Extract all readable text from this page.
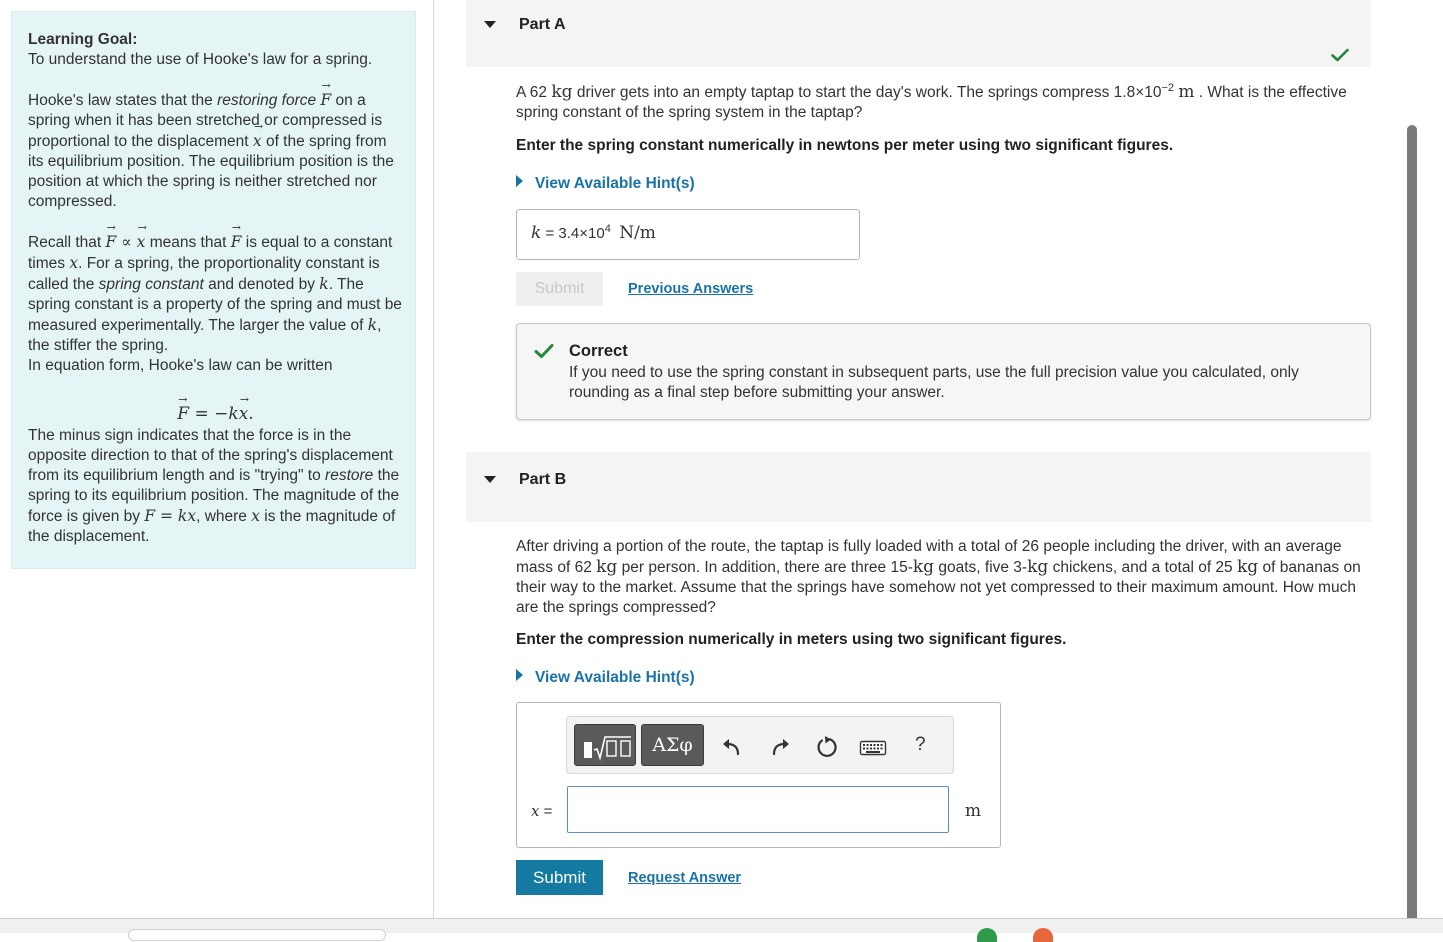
Learning Goal:

To understand the use of Hooke's law for a spring.

Hooke's law states that the restoring force → F on a spring when it has been stretched or compressed is proportional to the displacement → x of the spring from its equilibrium position. The equilibrium position is the position at which the spring is neither stretched nor compressed.

Recall that → F ∝ → x means that → F is equal to a constant times x. For a spring, the proportionality constant is called the spring constant and denoted by k. The spring constant is a property of the spring and must be measured experimentally. The larger the value of k, the stiffer the spring.
In equation form, Hooke's law can be written

→ F = −k→ x.

The minus sign indicates that the force is in the opposite direction to that of the spring's displacement from its equilibrium length and is "trying" to restore the spring to its equilibrium position. The magnitude of the force is given by F = kx, where x is the magnitude of the displacement.

Part A

A 62 kg driver gets into an empty taptap to start the day's work. The springs compress $1.8\times 10^{-2}$ m . What is the effective spring constant of the spring system in the taptap?

Enter the spring constant numerically in newtons per meter using two significant figures.

View Available Hint(s)
$k = 3.4\times 10^4$ N/m
Submit	Previous Answers
Correct
If you need to use the spring constant in subsequent parts, use the full precision value you calculated, only rounding as a final step before submitting your answer.
Part B

After driving a portion of the route, the taptap is fully loaded with a total of 26 people including the driver, with an average mass of 62 kg per person. In addition, there are three 15-kg goats, five 3-kg chickens, and a total of 25 kg of bananas on their way to the market. Assume that the springs have somehow not yet compressed to their maximum amount. How much are the springs compressed?

Enter the compression numerically in meters using two significant figures.

View Available Hint(s)
ΑΣφ	?
x =	m
Submit	Request Answer
